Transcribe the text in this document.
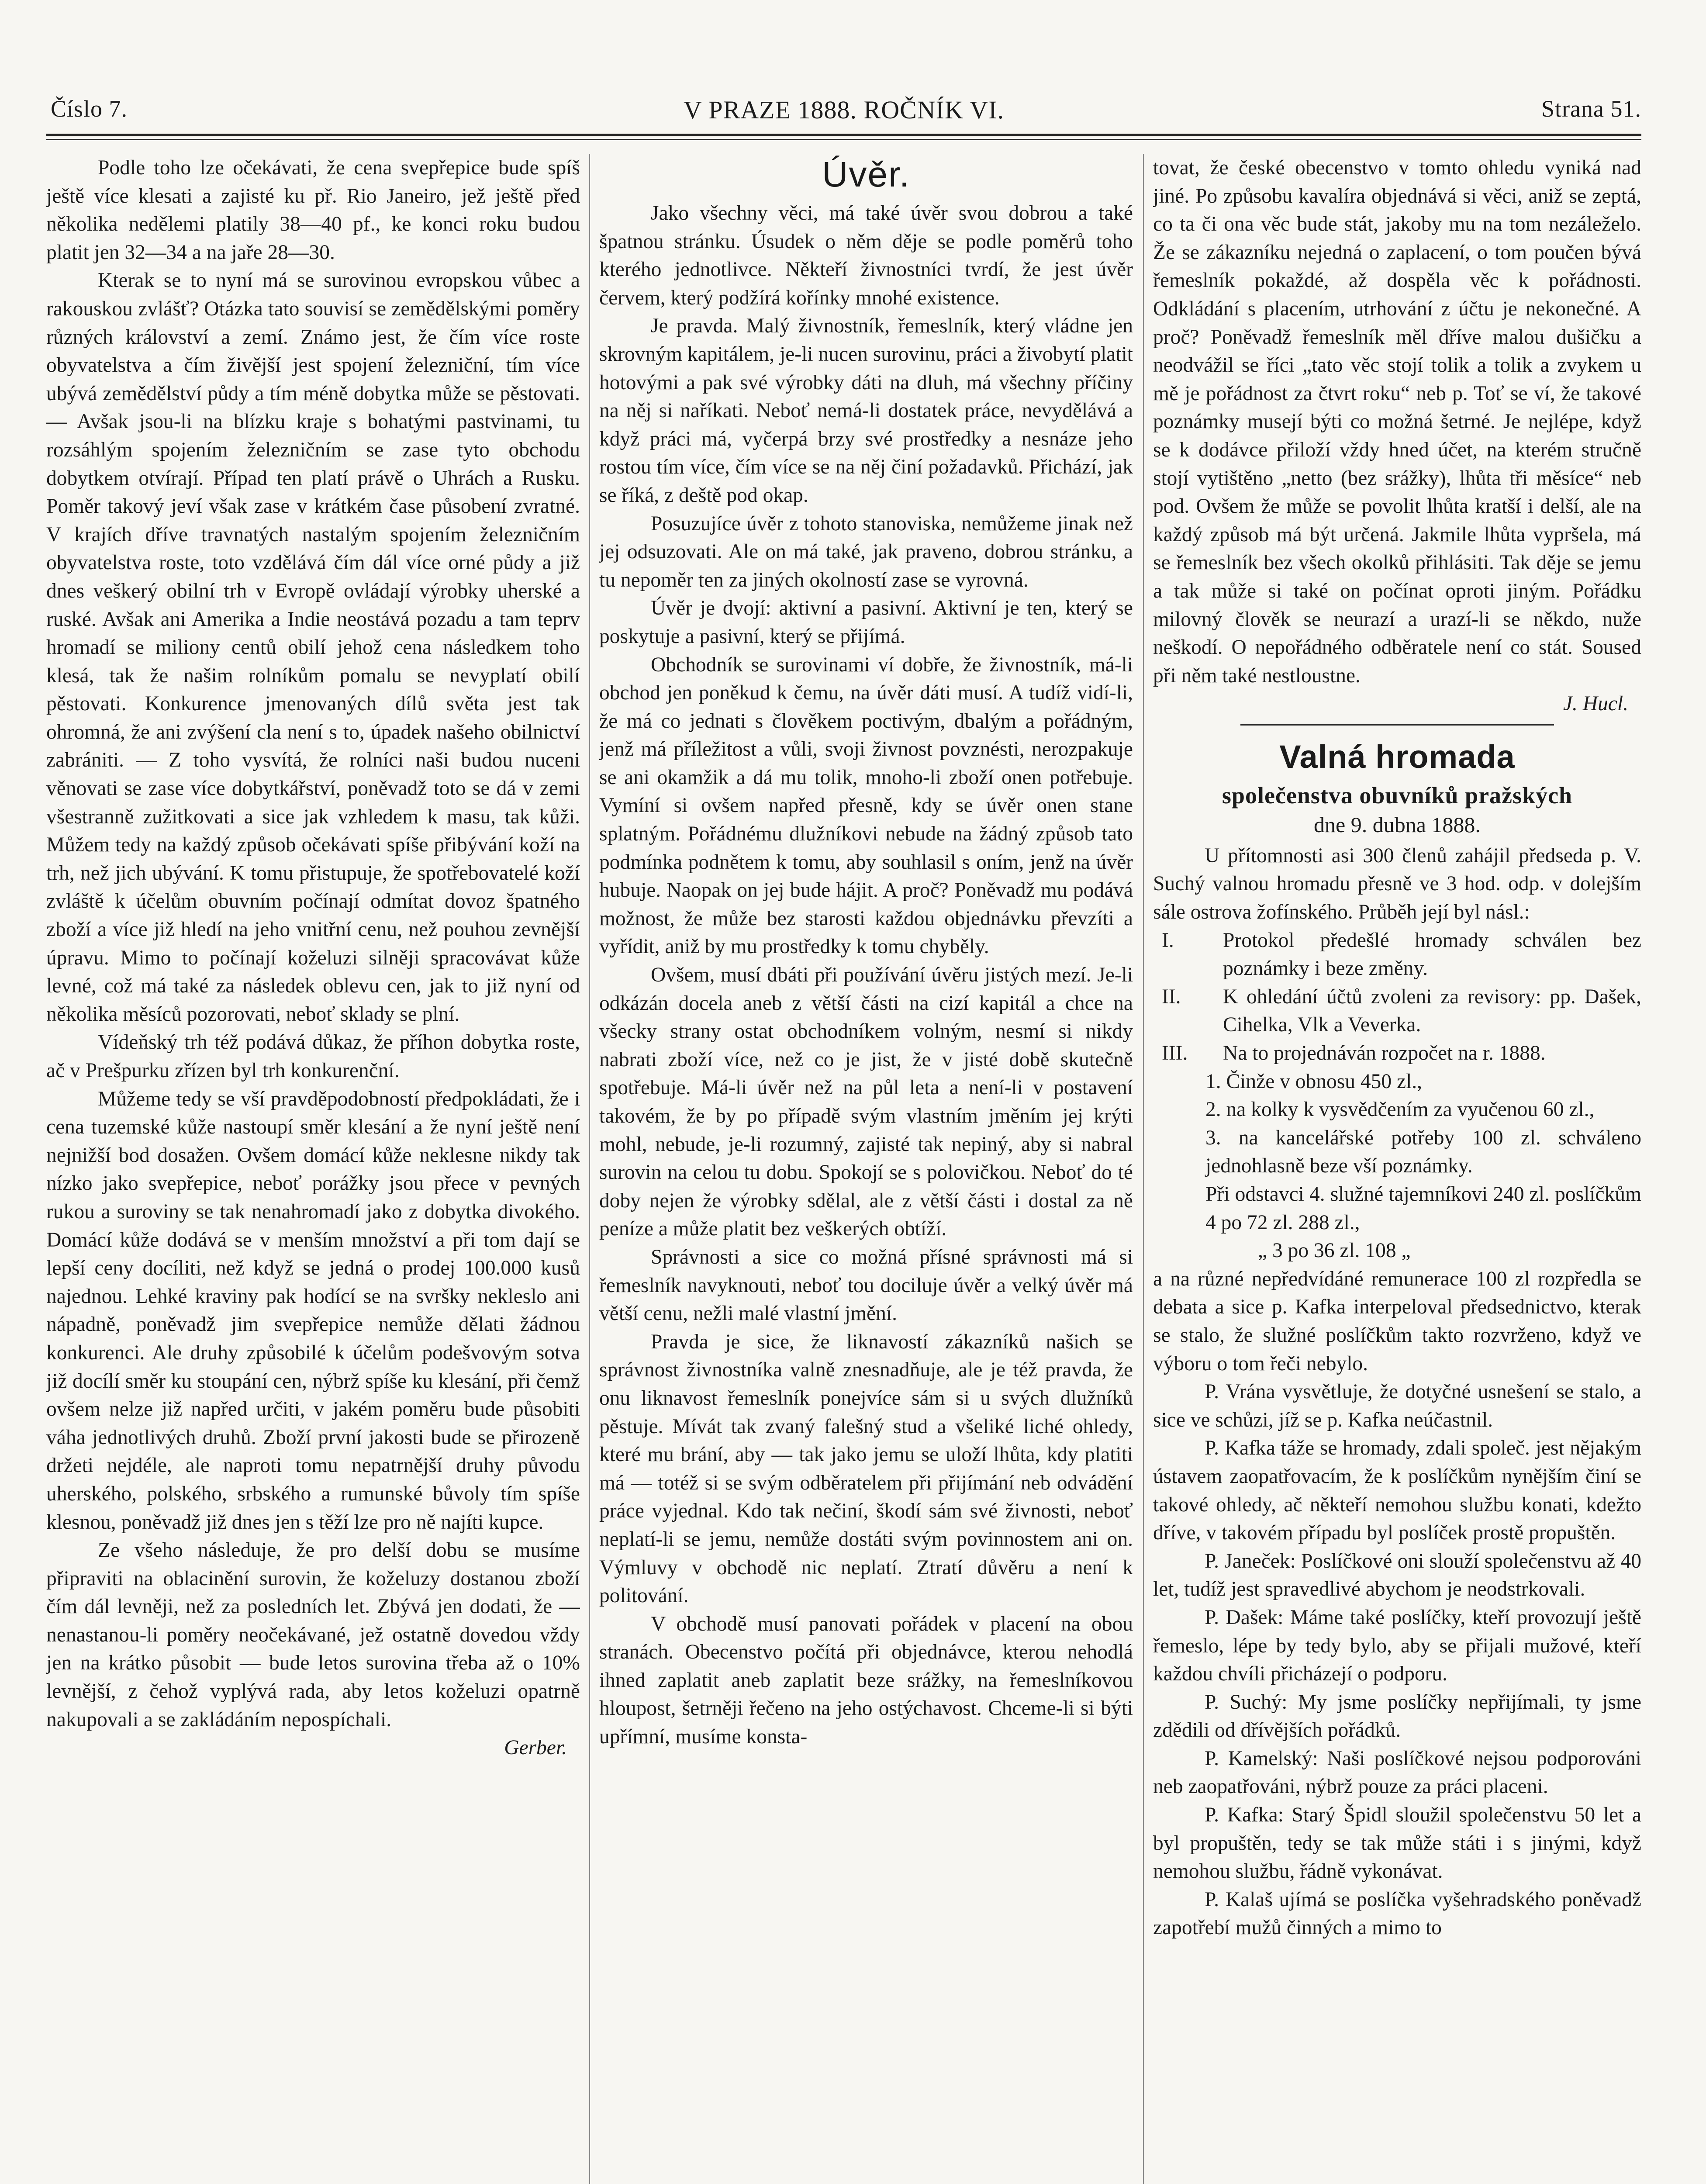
Číslo 7.	V PRAZE 1888. ROČNÍK VI.	Strana 51.

Podle toho lze očekávati, že cena svepřepice bude spíš ještě více klesati a zajisté ku př. Rio Janeiro, jež ještě před několika nedělemi platily 38—40 pf., ke konci roku budou platit jen 32—34 a na jaře 28—30.

Kterak se to nyní má se surovinou evropskou vůbec a rakouskou zvlášť? Otázka tato souvisí se zemědělskými poměry různých království a zemí. Známo jest, že čím více roste obyvatelstva a čím živější jest spojení železniční, tím více ubývá zemědělství půdy a tím méně dobytka může se pěstovati. — Avšak jsou-li na blízku kraje s bohatými pastvinami, tu rozsáhlým spojením železničním se zase tyto obchodu dobytkem otvírají. Případ ten platí právě o Uhrách a Rusku. Poměr takový jeví však zase v krátkém čase působení zvratné. V krajích dříve travnatých nastalým spojením železničním obyvatelstva roste, toto vzdělává čím dál více orné půdy a již dnes veškerý obilní trh v Evropě ovládají výrobky uherské a ruské. Avšak ani Amerika a Indie neostává pozadu a tam teprv hromadí se miliony centů obilí jehož cena následkem toho klesá, tak že našim rolníkům pomalu se nevyplatí obilí pěstovati. Konkurence jmenovaných dílů světa jest tak ohromná, že ani zvýšení cla není s to, úpadek našeho obilnictví zabrániti. — Z toho vysvítá, že rolníci naši budou nuceni věnovati se zase více dobytkářství, poněvadž toto se dá v zemi všestranně zužitkovati a sice jak vzhledem k masu, tak kůži. Můžem tedy na každý způsob očekávati spíše přibývání koží na trh, než jich ubývání. K tomu přistupuje, že spotřebovatelé koží zvláště k účelům obuvním počínají odmítat dovoz špatného zboží a více již hledí na jeho vnitřní cenu, než pouhou zevnější úpravu. Mimo to počínají koželuzi silněji spracovávat kůže levné, což má také za následek oblevu cen, jak to již nyní od několika měsíců pozorovati, neboť sklady se plní.

Vídeňský trh též podává důkaz, že příhon dobytka roste, ač v Prešpurku zřízen byl trh konkurenční.

Můžeme tedy se vší pravděpodobností předpokládati, že i cena tuzemské kůže nastoupí směr klesání a že nyní ještě není nejnižší bod dosažen. Ovšem domácí kůže neklesne nikdy tak nízko jako svepřepice, neboť porážky jsou přece v pevných rukou a suroviny se tak nenahromadí jako z dobytka divokého. Domácí kůže dodává se v menším množství a při tom dají se lepší ceny docíliti, než když se jedná o prodej 100.000 kusů najednou. Lehké kraviny pak hodící se na svršky nekleslo ani nápadně, poněvadž jim svepřepice nemůže dělati žádnou konkurenci. Ale druhy způsobilé k účelům podešvovým sotva již docílí směr ku stoupání cen, nýbrž spíše ku klesání, při čemž ovšem nelze již napřed určiti, v jakém poměru bude působiti váha jednotlivých druhů. Zboží první jakosti bude se přirozeně držeti nejdéle, ale naproti tomu nepatrnější druhy původu uherského, polského, srbského a rumunské bůvoly tím spíše klesnou, poněvadž již dnes jen s těží lze pro ně najíti kupce.

Ze všeho následuje, že pro delší dobu se musíme připraviti na oblacinění surovin, že koželuzy dostanou zboží čím dál levněji, než za posledních let. Zbývá jen dodati, že — nenastanou-li poměry neočekávané, jež ostatně dovedou vždy jen na krátko působit — bude letos surovina třeba až o 10% levnější, z čehož vyplývá rada, aby letos koželuzi opatrně nakupovali a se zakládáním nepospíchali.

Gerber.
Úvěr.

Jako všechny věci, má také úvěr svou dobrou a také špatnou stránku. Úsudek o něm děje se podle poměrů toho kterého jednotlivce. Někteří živnostníci tvrdí, že jest úvěr červem, který podžírá kořínky mnohé existence.

Je pravda. Malý živnostník, řemeslník, který vládne jen skrovným kapitálem, je-li nucen surovinu, práci a živobytí platit hotovými a pak své výrobky dáti na dluh, má všechny příčiny na něj si naříkati. Neboť nemá-li dostatek práce, nevydělává a když práci má, vyčerpá brzy své prostředky a nesnáze jeho rostou tím více, čím více se na něj činí požadavků. Přichází, jak se říká, z deště pod okap.

Posuzujíce úvěr z tohoto stanoviska, nemůžeme jinak než jej odsuzovati. Ale on má také, jak praveno, dobrou stránku, a tu nepoměr ten za jiných okolností zase se vyrovná.

Úvěr je dvojí: aktivní a pasivní. Aktivní je ten, který se poskytuje a pasivní, který se přijímá.

Obchodník se surovinami ví dobře, že živnostník, má-li obchod jen poněkud k čemu, na úvěr dáti musí. A tudíž vidí-li, že má co jednati s člověkem poctivým, dbalým a pořádným, jenž má příležitost a vůli, svoji živnost povznésti, nerozpakuje se ani okamžik a dá mu tolik, mnoho-li zboží onen potřebuje. Vymíní si ovšem napřed přesně, kdy se úvěr onen stane splatným. Pořádnému dlužníkovi nebude na žádný způsob tato podmínka podnětem k tomu, aby souhlasil s oním, jenž na úvěr hubuje. Naopak on jej bude hájit. A proč? Poněvadž mu podává možnost, že může bez starosti každou objednávku převzíti a vyřídit, aniž by mu prostředky k tomu chyběly.

Ovšem, musí dbáti při používání úvěru jistých mezí. Je-li odkázán docela aneb z větší části na cizí kapitál a chce na všecky strany ostat obchodníkem volným, nesmí si nikdy nabrati zboží více, než co je jist, že v jisté době skutečně spotřebuje. Má-li úvěr než na půl leta a není-li v postavení takovém, že by po případě svým vlastním jměním jej krýti mohl, nebude, je-li rozumný, zajisté tak nepiný, aby si nabral surovin na celou tu dobu. Spokojí se s polovičkou. Neboť do té doby nejen že výrobky sdělal, ale z větší části i dostal za ně peníze a může platit bez veškerých obtíží.

Správnosti a sice co možná přísné správnosti má si řemeslník navyknouti, neboť tou dociluje úvěr a velký úvěr má větší cenu, nežli malé vlastní jmění.

Pravda je sice, že liknavostí zákazníků našich se správnost živnostníka valně znesnadňuje, ale je též pravda, že onu liknavost řemeslník ponejvíce sám si u svých dlužníků pěstuje. Mívát tak zvaný falešný stud a všeliké liché ohledy, které mu brání, aby — tak jako jemu se uloží lhůta, kdy platiti má — totéž si se svým odběratelem při přijímání neb odvádění práce vyjednal. Kdo tak nečiní, škodí sám své živnosti, neboť neplatí-li se jemu, nemůže dostáti svým povinnostem ani on. Výmluvy v obchodě nic neplatí. Ztratí důvěru a není k politování.

V obchodě musí panovati pořádek v placení na obou stranách. Obecenstvo počítá při objednávce, kterou nehodlá ihned zaplatit aneb zaplatit beze srážky, na řemeslníkovou hloupost, šetrněji řečeno na jeho ostýchavost. Chceme-li si býti upřímní, musíme konsta-

tovat, že české obecenstvo v tomto ohledu vyniká nad jiné. Po způsobu kavalíra objednává si věci, aniž se zeptá, co ta či ona věc bude stát, jakoby mu na tom nezáleželo. Že se zákazníku nejedná o zaplacení, o tom poučen bývá řemeslník pokaždé, až dospěla věc k pořádnosti. Odkládání s placením, utrhování z účtu je nekonečné. A proč? Poněvadž řemeslník měl dříve malou dušičku a neodvážil se říci „tato věc stojí tolik a tolik a zvykem u mě je pořádnost za čtvrt roku“ neb p. Toť se ví, že takové poznámky musejí býti co možná šetrné. Je nejlépe, když se k dodávce přiloží vždy hned účet, na kterém stručně stojí vytištěno „netto (bez srážky), lhůta tři měsíce“ neb pod. Ovšem že může se povolit lhůta kratší i delší, ale na každý způsob má být určená. Jakmile lhůta vypršela, má se řemeslník bez všech okolků přihlásiti. Tak děje se jemu a tak může si také on počínat oproti jiným. Pořádku milovný člověk se neurazí a urazí-li se někdo, nuže neškodí. O nepořádného odběratele není co stát. Soused při něm také nestloustne.

J. Hucl.
Valná hromada
společenstva obuvníků pražských
dne 9. dubna 1888.

U přítomnosti asi 300 členů zahájil předseda p. V. Suchý valnou hromadu přesně ve 3 hod. odp. v dolejším sále ostrova žofínského. Průběh její byl násl.:

I.	Protokol předešlé hromady schválen bez poznámky i beze změny.
II.	K ohledání účtů zvoleni za revisory: pp. Dašek, Cihelka, Vlk a Veverka.
III.	Na to projednáván rozpočet na r. 1888.

1. Činže v obnosu 450 zl.,

2. na kolky k vysvědčením za vyučenou 60 zl.,

3. na kancelářské potřeby 100 zl. schváleno jednohlasně beze vší poznámky.

Při odstavci 4. služné tajemníkovi 240 zl. poslíčkům 4 po 72 zl. 288 zl.,

„ 3 po 36 zl. 108 „

a na různé nepředvídáné remunerace 100 zl rozpředla se debata a sice p. Kafka interpeloval předsednictvo, kterak se stalo, že služné poslíčkům takto rozvrženo, když ve výboru o tom řeči nebylo.

P. Vrána vysvětluje, že dotyčné usnešení se stalo, a sice ve schůzi, jíž se p. Kafka neúčastnil.

P. Kafka táže se hromady, zdali společ. jest nějakým ústavem zaopatřovacím, že k poslíčkům nynějším činí se takové ohledy, ač někteří nemohou službu konati, kdežto dříve, v takovém případu byl poslíček prostě propuštěn.

P. Janeček: Poslíčkové oni slouží společenstvu až 40 let, tudíž jest spravedlivé abychom je neodstrkovali.

P. Dašek: Máme také poslíčky, kteří provozují ještě řemeslo, lépe by tedy bylo, aby se přijali mužové, kteří každou chvíli přicházejí o podporu.

P. Suchý: My jsme poslíčky nepřijímali, ty jsme zdědili od dřívějších pořádků.

P. Kamelský: Naši poslíčkové nejsou podporováni neb zaopatřováni, nýbrž pouze za práci placeni.

P. Kafka: Starý Špidl sloužil společenstvu 50 let a byl propuštěn, tedy se tak může státi i s jinými, když nemohou službu, řádně vykonávat.

P. Kalaš ujímá se poslíčka vyšehradského poněvadž zapotřebí mužů činných a mimo to
